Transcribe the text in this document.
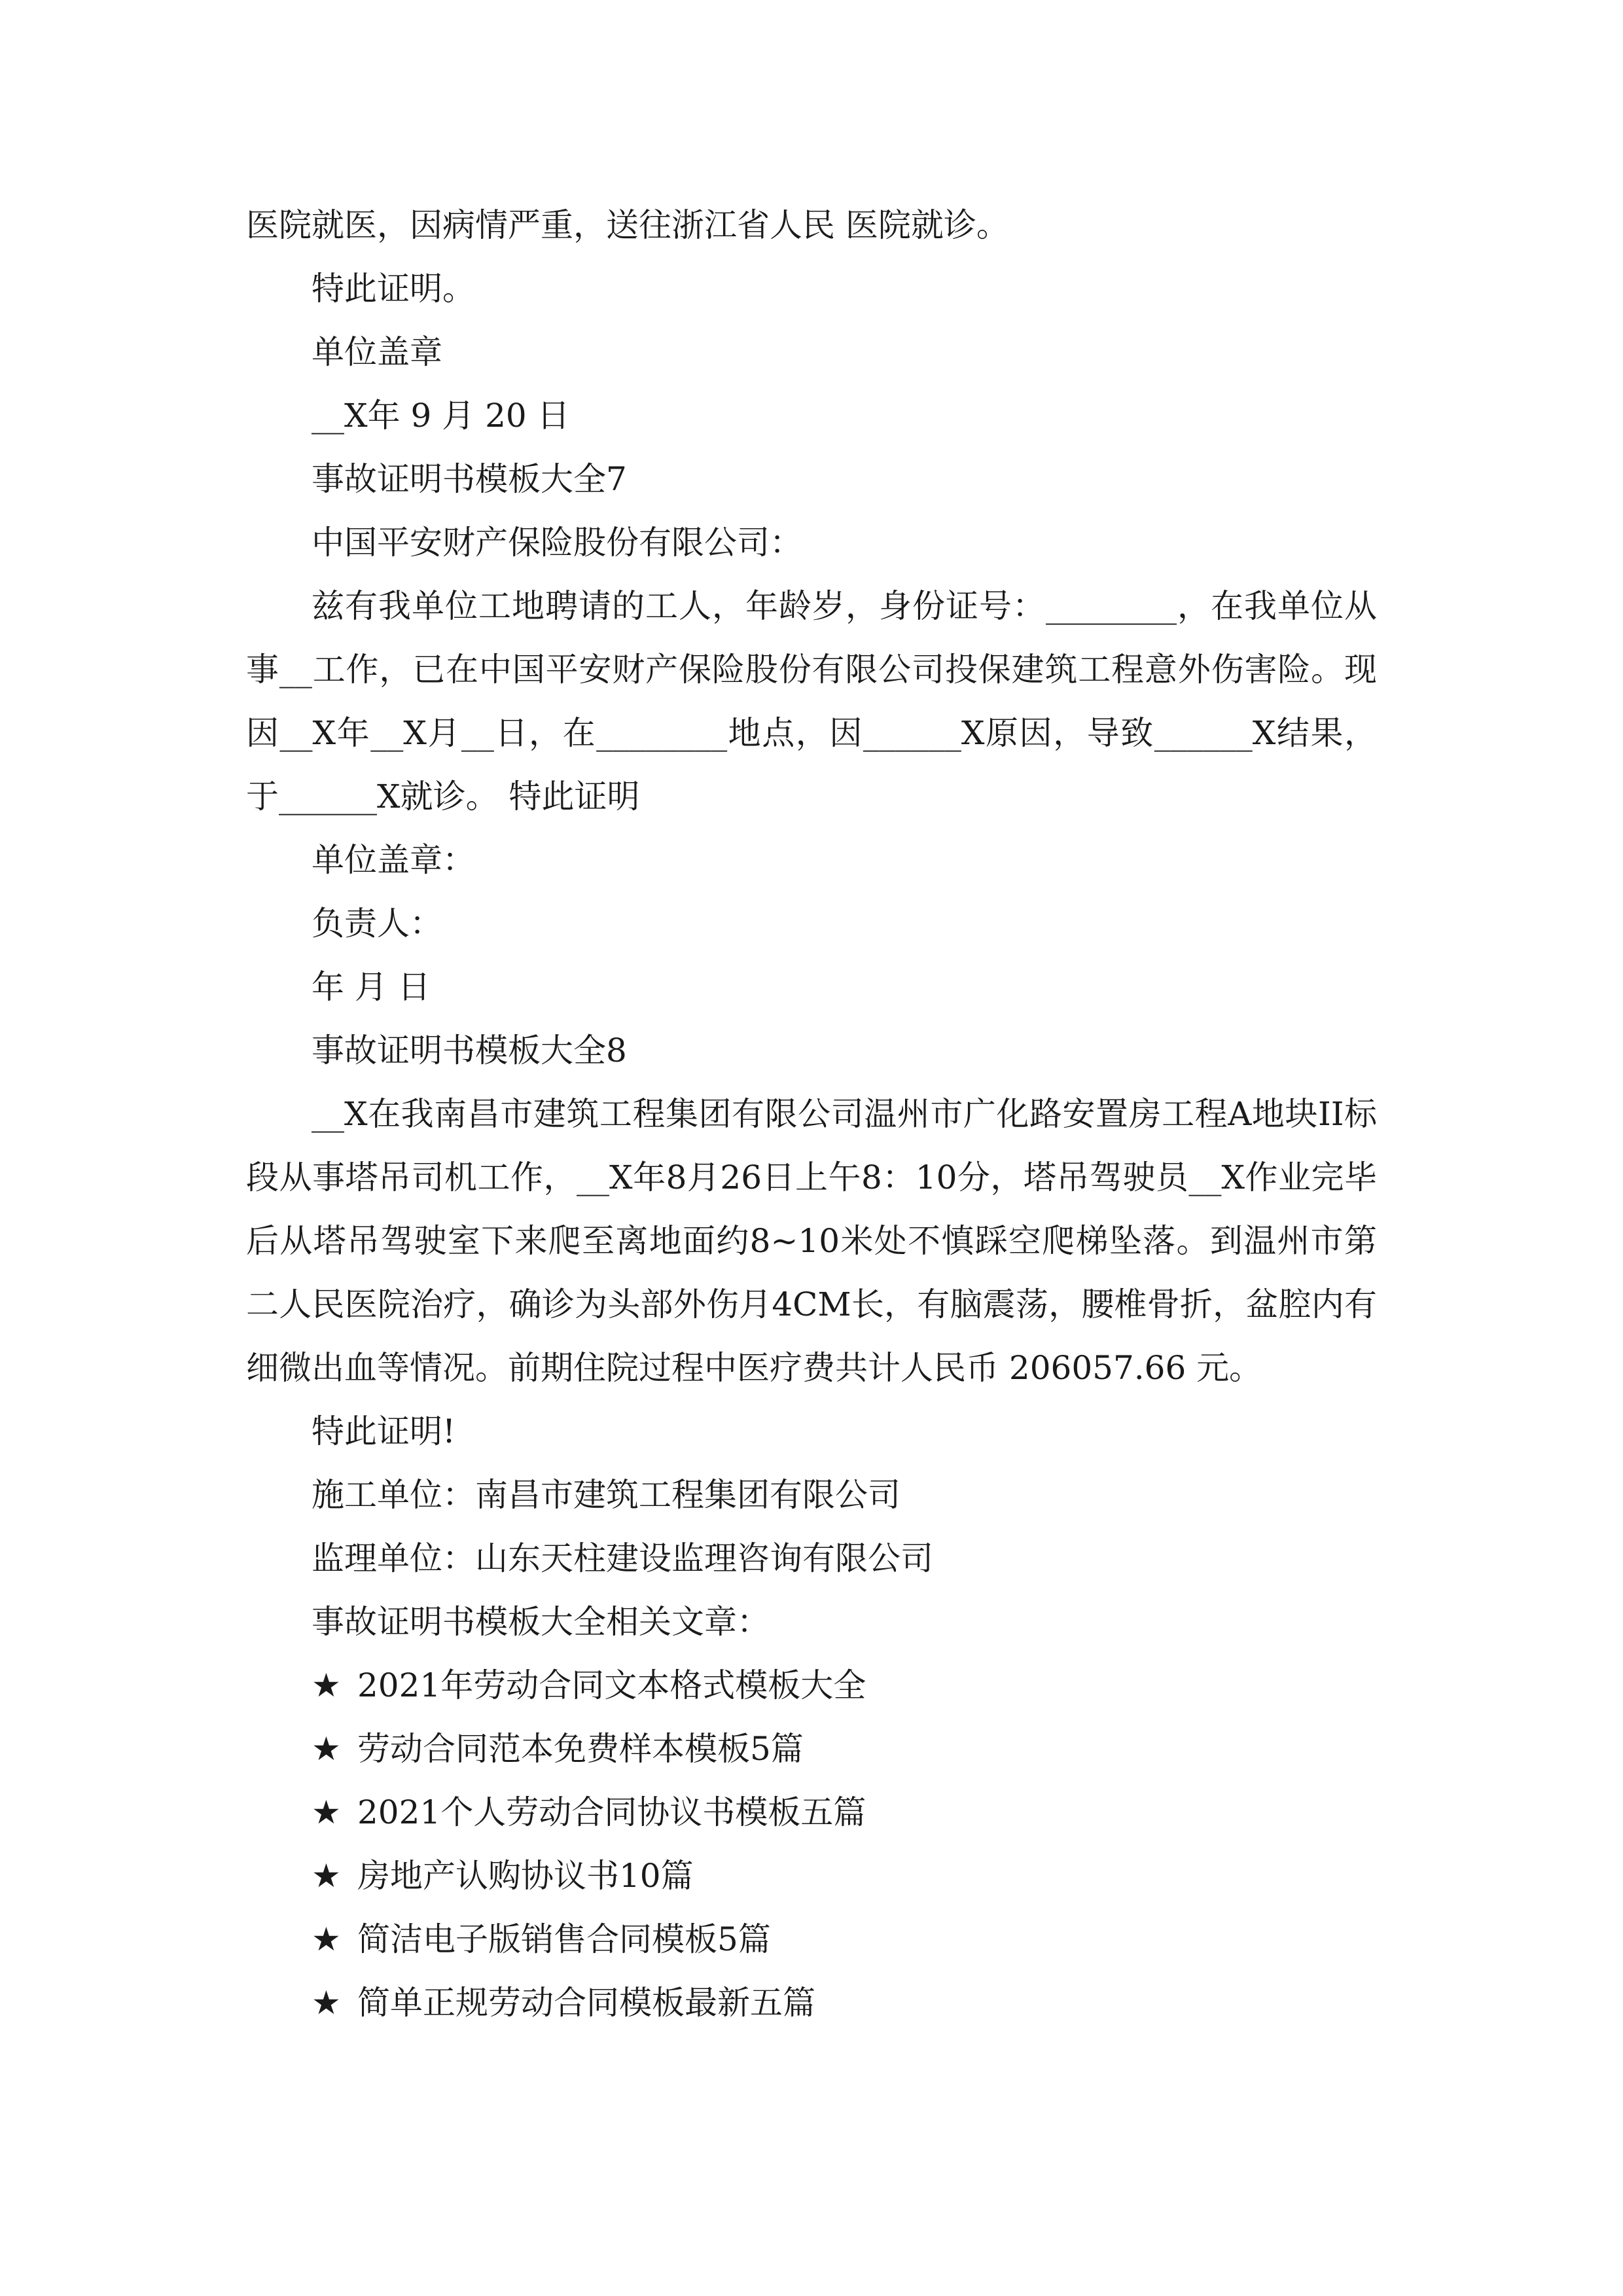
医院就医，因病情严重，送往浙江省人民 医院就诊。
特此证明。
单位盖章
__X年 9 月 20 日
事故证明书模板大全7
中国平安财产保险股份有限公司：

兹有我单位工地聘请的工人，年龄岁，身份证号：________，在我单位从事__工作，已在中国平安财产保险股份有限公司投保建筑工程意外伤害险。现因__X年__X月__日，在________地点，因______X原因，导致______X结果，于______X就诊。 特此证明

单位盖章：
负责人：
年 月 日
事故证明书模板大全8

__X在我南昌市建筑工程集团有限公司温州市广化路安置房工程A地块II标段从事塔吊司机工作，__X年8月26日上午8：10分，塔吊驾驶员__X作业完毕后从塔吊驾驶室下来爬至离地面约8~10米处不慎踩空爬梯坠落。到温州市第二人民医院治疗，确诊为头部外伤月4CM长，有脑震荡，腰椎骨折，盆腔内有细微出血等情况。前期住院过程中医疗费共计人民币 206057.66 元。

特此证明!
施工单位：南昌市建筑工程集团有限公司
监理单位：山东天柱建设监理咨询有限公司
事故证明书模板大全相关文章：
★ 2021年劳动合同文本格式模板大全
★ 劳动合同范本免费样本模板5篇
★ 2021个人劳动合同协议书模板五篇
★ 房地产认购协议书10篇
★ 简洁电子版销售合同模板5篇
★ 简单正规劳动合同模板最新五篇
